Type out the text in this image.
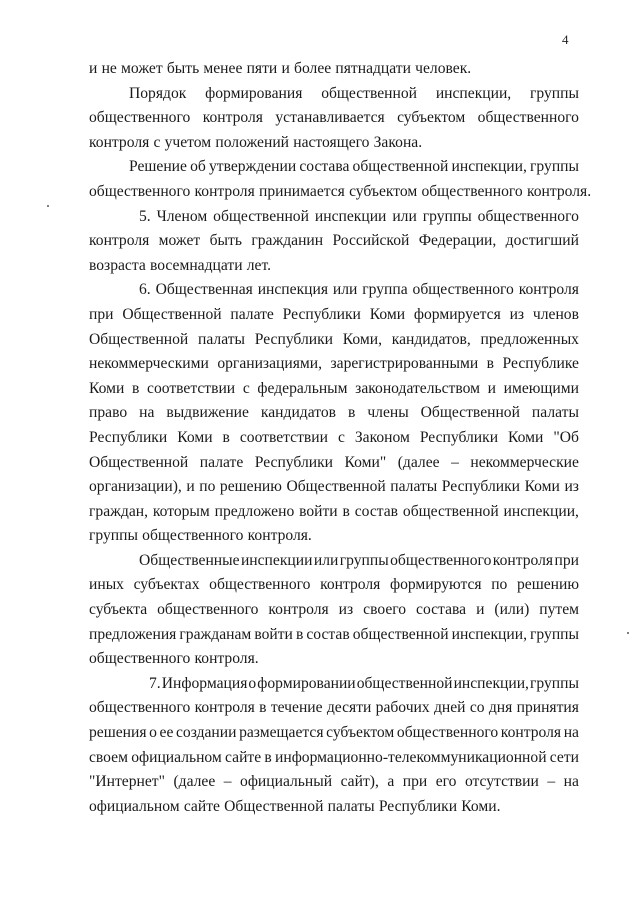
4
и не может быть менее пяти и более пятнадцати человек.
Порядок формирования общественной инспекции, группы
общественного контроля устанавливается субъектом общественного
контроля с учетом положений настоящего Закона.
Решение об утверждении состава общественной инспекции, группы
общественного контроля принимается субъектом общественного контроля.
5. Членом общественной инспекции или группы общественного
контроля может быть гражданин Российской Федерации, достигший
возраста восемнадцати лет.
6. Общественная инспекция или группа общественного контроля
при Общественной палате Республики Коми формируется из членов
Общественной палаты Республики Коми, кандидатов, предложенных
некоммерческими организациями, зарегистрированными в Республике
Коми в соответствии с федеральным законодательством и имеющими
право на выдвижение кандидатов в члены Общественной палаты
Республики Коми в соответствии с Законом Республики Коми "Об
Общественной палате Республики Коми" (далее – некоммерческие
организации), и по решению Общественной палаты Республики Коми из
граждан, которым предложено войти в состав общественной инспекции,
группы общественного контроля.
Общественные инспекции или группы общественного контроля при
иных субъектах общественного контроля формируются по решению
субъекта общественного контроля из своего состава и (или) путем
предложения гражданам войти в состав общественной инспекции, группы
общественного контроля.
7. Информация о формировании общественной инспекции, группы
общественного контроля в течение десяти рабочих дней со дня принятия
решения о ее создании размещается субъектом общественного контроля на
своем официальном сайте в информационно-телекоммуникационной сети
"Интернет" (далее – официальный сайт), а при его отсутствии – на
официальном сайте Общественной палаты Республики Коми.
